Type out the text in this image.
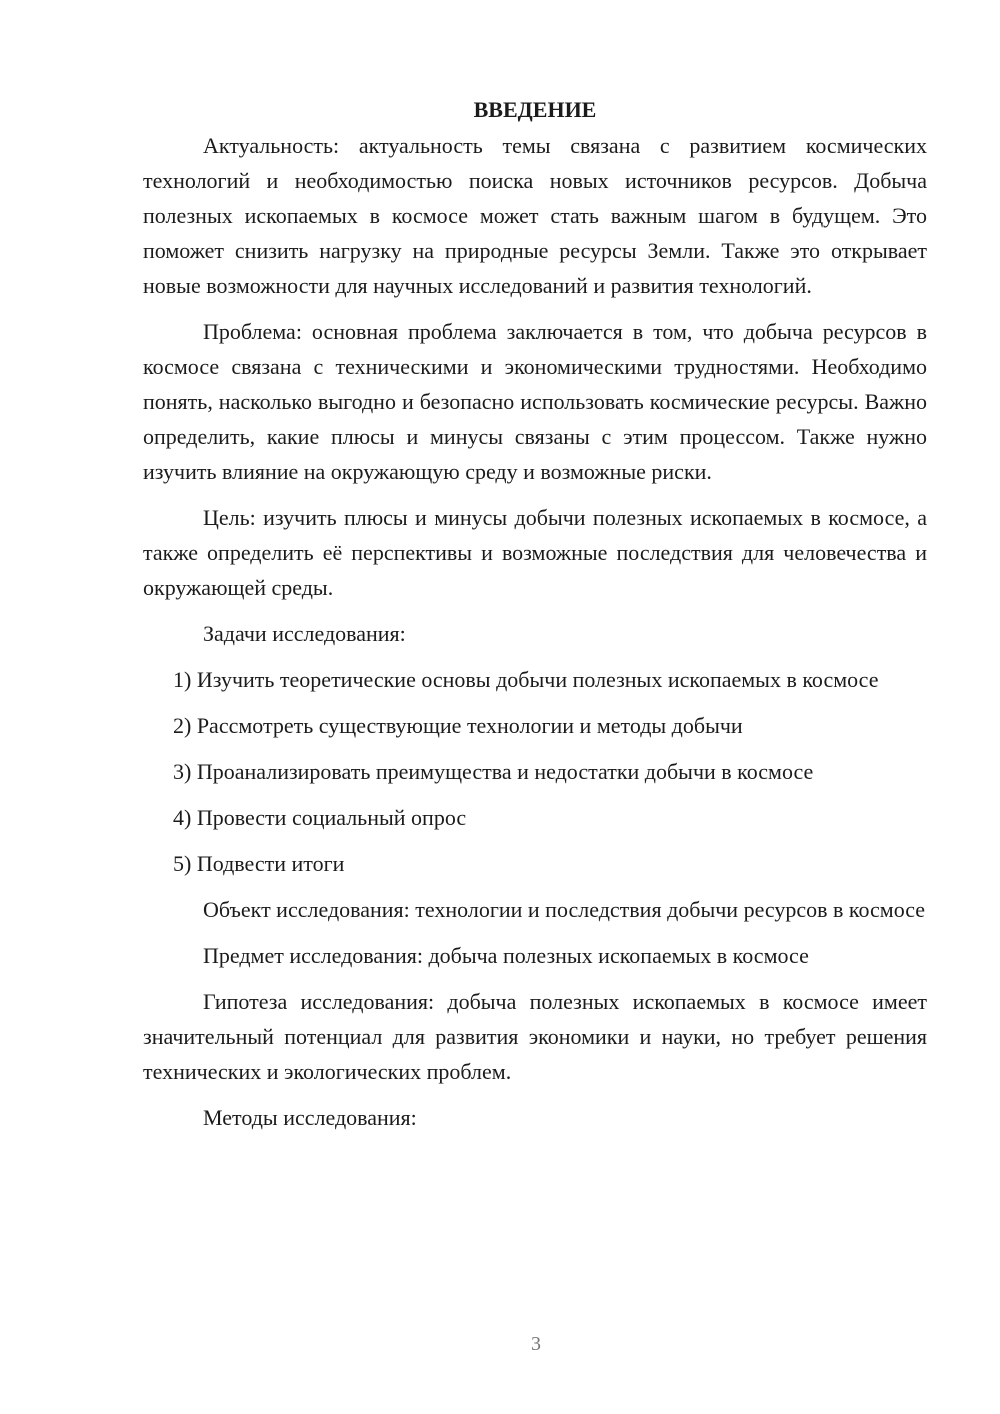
ВВЕДЕНИЕ

Актуальность: актуальность темы связана с развитием космических технологий и необходимостью поиска новых источников ресурсов. Добыча полезных ископаемых в космосе может стать важным шагом в будущем. Это поможет снизить нагрузку на природные ресурсы Земли. Также это открывает новые возможности для научных исследований и развития технологий.

Проблема: основная проблема заключается в том, что добыча ресурсов в космосе связана с техническими и экономическими трудностями. Необходимо понять, насколько выгодно и безопасно использовать космические ресурсы. Важно определить, какие плюсы и минусы связаны с этим процессом. Также нужно изучить влияние на окружающую среду и возможные риски.

Цель: изучить плюсы и минусы добычи полезных ископаемых в космосе, а также определить её перспективы и возможные последствия для человечества и окружающей среды.

Задачи исследования:

1) Изучить теоретические основы добычи полезных ископаемых в космосе

2) Рассмотреть существующие технологии и методы добычи

3) Проанализировать преимущества и недостатки добычи в космосе

4) Провести социальный опрос

5) Подвести итоги

Объект исследования: технологии и последствия добычи ресурсов в космосе

Предмет исследования: добыча полезных ископаемых в космосе

Гипотеза исследования: добыча полезных ископаемых в космосе имеет значительный потенциал для развития экономики и науки, но требует решения технических и экологических проблем.

Методы исследования:

3
